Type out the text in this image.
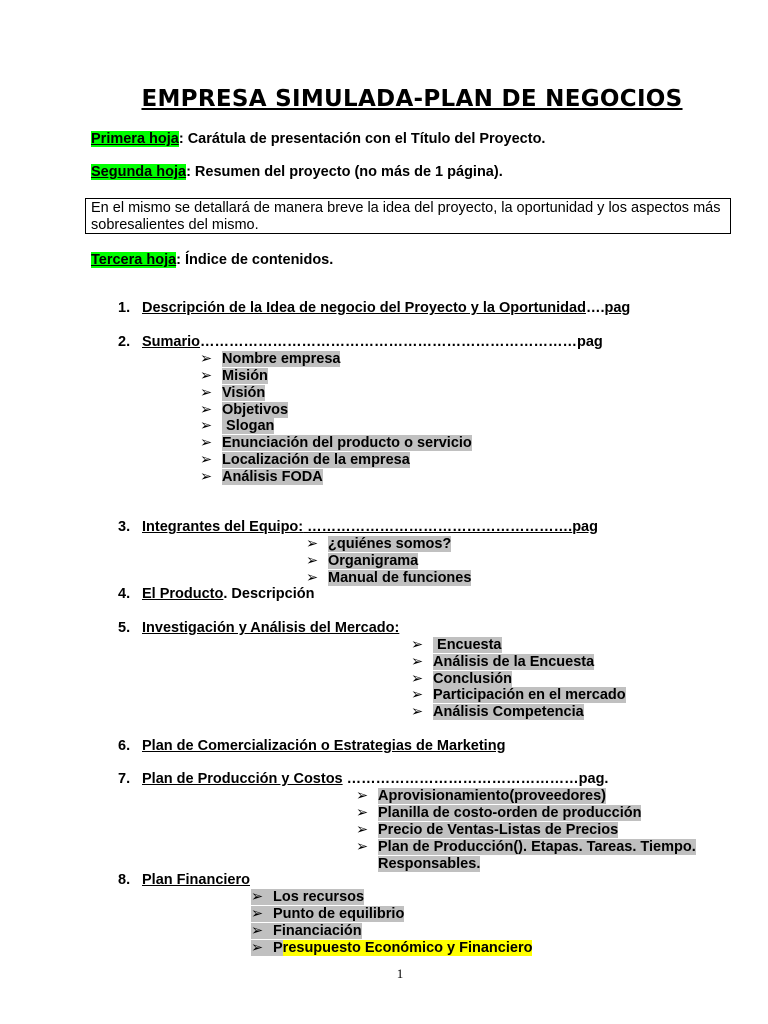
EMPRESA SIMULADA-PLAN DE NEGOCIOS
Primera hoja: Carátula de presentación con el Título del Proyecto.
Segunda hoja: Resumen del proyecto (no más de 1 página).
En el mismo se detallará de manera breve la idea del proyecto, la oportunidad y los aspectos más sobresalientes del mismo.
Tercera hoja: Índice de contenidos.
1. Descripción de la Idea de negocio del Proyecto y la Oportunidad….pag
2. Sumario……………………………………………………………………pag
➢ Nombre empresa
➢ Misión
➢ Visión
➢ Objetivos
➢ Slogan
➢ Enunciación del producto o servicio
➢ Localización de la empresa
➢ Análisis FODA
3. Integrantes del Equipo: ……………………………………………….pag
➢ ¿quiénes somos?
➢ Organigrama
➢ Manual de funciones
4. El Producto. Descripción
5. Investigación y Análisis del Mercado:
➢ Encuesta
➢ Análisis de la Encuesta
➢ Conclusión
➢ Participación en el mercado
➢ Análisis Competencia
6. Plan de Comercialización o Estrategias de Marketing
7. Plan de Producción y Costos …………………………………………pag.
➢ Aprovisionamiento(proveedores)
➢ Planilla de costo-orden de producción
➢ Precio de Ventas-Listas de Precios
➢ Plan de Producción(). Etapas. Tareas. Tiempo.
Responsables.
8. Plan Financiero
➢ Los recursos
➢ Punto de equilibrio
➢ Financiación
➢ Presupuesto Económico y Financiero
1
